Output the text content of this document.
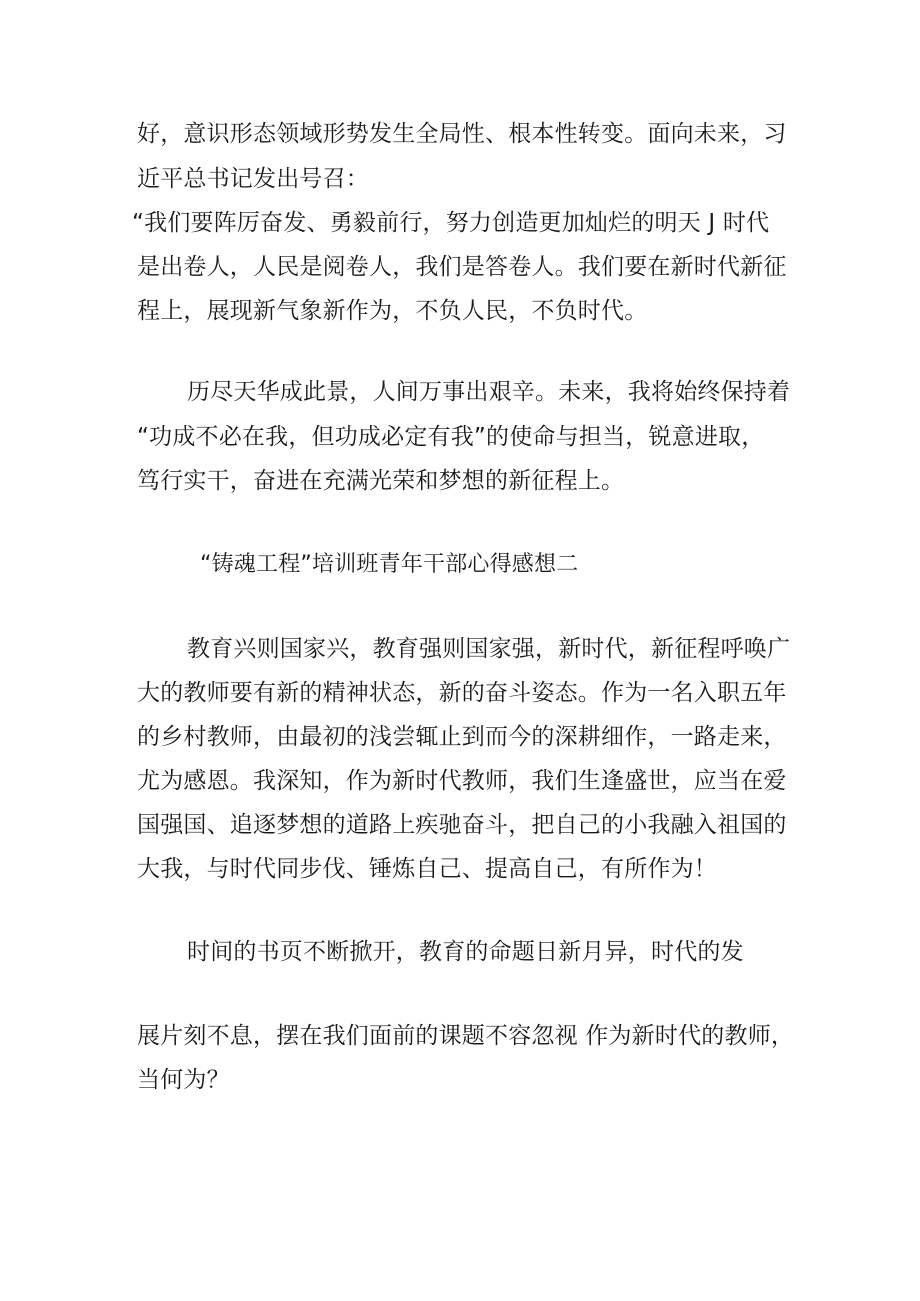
好，意识形态领域形势发生全局性、根本性转变。面向未来，习
近平总书记发出号召：
“我们要阵厉奋发、勇毅前行，努力创造更加灿烂的明天 J 时代
是出卷人，人民是阅卷人，我们是答卷人。我们要在新时代新征
程上，展现新气象新作为，不负人民，不负时代。
历尽天华成此景，人间万事出艰辛。未来，我将始终保持着
“功成不必在我，但功成必定有我”的使命与担当，锐意进取，
笃行实干，奋进在充满光荣和梦想的新征程上。
“铸魂工程”培训班青年干部心得感想二
教育兴则国家兴，教育强则国家强，新时代，新征程呼唤广
大的教师要有新的精神状态，新的奋斗姿态。作为一名入职五年
的乡村教师，由最初的浅尝辄止到而今的深耕细作，一路走来，
尤为感恩。我深知，作为新时代教师，我们生逢盛世，应当在爱
国强国、追逐梦想的道路上疾驰奋斗，把自己的小我融入祖国的
大我，与时代同步伐、锤炼自己、提高自己，有所作为！
时间的书页不断掀开，教育的命题日新月异，时代的发
展片刻不息，摆在我们面前的课题不容忽视 作为新时代的教师，
当何为？
